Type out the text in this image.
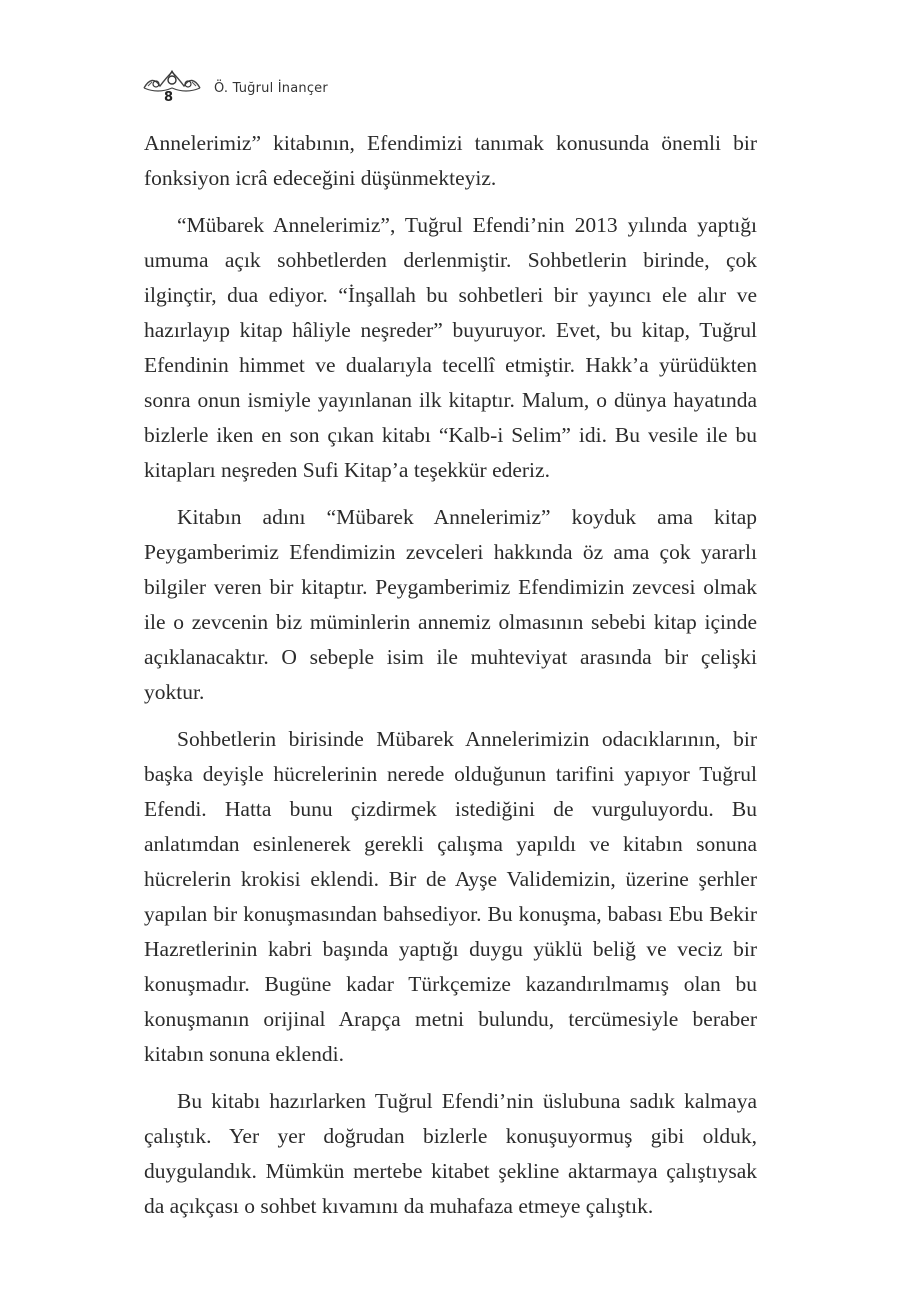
8
Ö. Tuğrul İnançer

Annelerimiz” kitabının, Efendimizi tanımak konusunda önemli bir fonksiyon icrâ edeceğini düşünmekteyiz.

“Mübarek Annelerimiz”, Tuğrul Efendi’nin 2013 yılında yaptığı umuma açık sohbetlerden derlenmiştir. Sohbetlerin birinde, çok ilginçtir, dua ediyor. “İnşallah bu sohbetleri bir yayıncı ele alır ve hazırlayıp kitap hâliyle neşreder” buyuruyor. Evet, bu kitap, Tuğrul Efendinin himmet ve dualarıyla tecellî etmiştir. Hakk’a yürüdükten sonra onun ismiyle yayınlanan ilk kitaptır. Malum, o dünya hayatında bizlerle iken en son çıkan kitabı “Kalb-i Selim” idi. Bu vesile ile bu kitapları neşreden Sufi Kitap’a teşekkür ederiz.

Kitabın adını “Mübarek Annelerimiz” koyduk ama kitap Peygamberimiz Efendimizin zevceleri hakkında öz ama çok yararlı bilgiler veren bir kitaptır. Peygamberimiz Efendimizin zevcesi olmak ile o zevcenin biz müminlerin annemiz olmasının sebebi kitap içinde açıklanacaktır. O sebeple isim ile muhteviyat arasında bir çelişki yoktur.

Sohbetlerin birisinde Mübarek Annelerimizin odacıklarının, bir başka deyişle hücrelerinin nerede olduğunun tarifini yapıyor Tuğrul Efendi. Hatta bunu çizdirmek istediğini de vurguluyordu. Bu anlatımdan esinlenerek gerekli çalışma yapıldı ve kitabın sonuna hücrelerin krokisi eklendi. Bir de Ayşe Validemizin, üzerine şerhler yapılan bir konuşmasından bahsediyor. Bu konuşma, babası Ebu Bekir Hazretlerinin kabri başında yaptığı duygu yüklü beliğ ve veciz bir konuşmadır. Bugüne kadar Türkçemize kazandırılmamış olan bu konuşmanın orijinal Arapça metni bulundu, tercümesiyle beraber kitabın sonuna eklendi.

Bu kitabı hazırlarken Tuğrul Efendi’nin üslubuna sadık kalmaya çalıştık. Yer yer doğrudan bizlerle konuşuyormuş gibi olduk, duygulandık. Mümkün mertebe kitabet şekline aktarmaya çalıştıysak da açıkçası o sohbet kıvamını da muhafaza etmeye çalıştık.
